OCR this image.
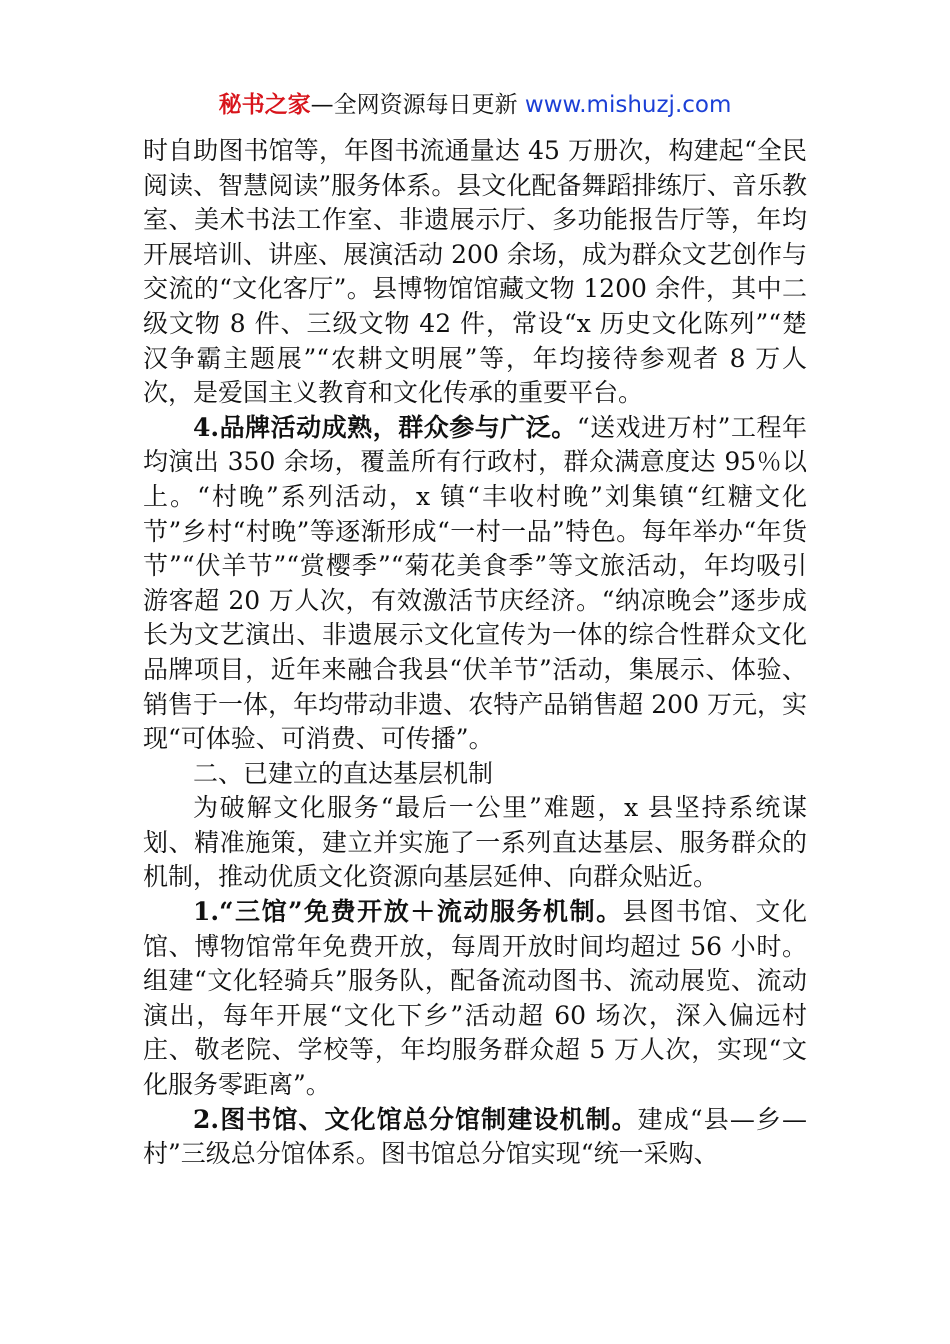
秘书之家—全网资源每日更新 www.mishuzj.com

时自助图书馆等，年图书流通量达 45 万册次，构建起“全民阅读、智慧阅读”服务体系。县文化配备舞蹈排练厅、音乐教室、美术书法工作室、非遗展示厅、多功能报告厅等，年均开展培训、讲座、展演活动 200 余场，成为群众文艺创作与交流的“文化客厅”。县博物馆馆藏文物 1200 余件，其中二级文物 8 件、三级文物 42 件，常设“x 历史文化陈列”“楚汉争霸主题展”“农耕文明展”等，年均接待参观者 8 万人次，是爱国主义教育和文化传承的重要平台。

4.品牌活动成熟，群众参与广泛。“送戏进万村”工程年均演出 350 余场，覆盖所有行政村，群众满意度达 95％以上。“村晚”系列活动，x 镇“丰收村晚”刘集镇“红糖文化节”乡村“村晚”等逐渐形成“一村一品”特色。每年举办“年货节”“伏羊节”“赏樱季”“菊花美食季”等文旅活动，年均吸引游客超 20 万人次，有效激活节庆经济。“纳凉晚会”逐步成长为文艺演出、非遗展示文化宣传为一体的综合性群众文化品牌项目，近年来融合我县“伏羊节”活动，集展示、体验、销售于一体，年均带动非遗、农特产品销售超 200 万元，实现“可体验、可消费、可传播”。

二、已建立的直达基层机制

为破解文化服务“最后一公里”难题，x 县坚持系统谋划、精准施策，建立并实施了一系列直达基层、服务群众的机制，推动优质文化资源向基层延伸、向群众贴近。

1.“三馆”免费开放＋流动服务机制。县图书馆、文化馆、博物馆常年免费开放，每周开放时间均超过 56 小时。组建“文化轻骑兵”服务队，配备流动图书、流动展览、流动演出，每年开展“文化下乡”活动超 60 场次，深入偏远村庄、敬老院、学校等，年均服务群众超 5 万人次，实现“文化服务零距离”。

2.图书馆、文化馆总分馆制建设机制。建成“县—乡—村”三级总分馆体系。图书馆总分馆实现“统一采购、
